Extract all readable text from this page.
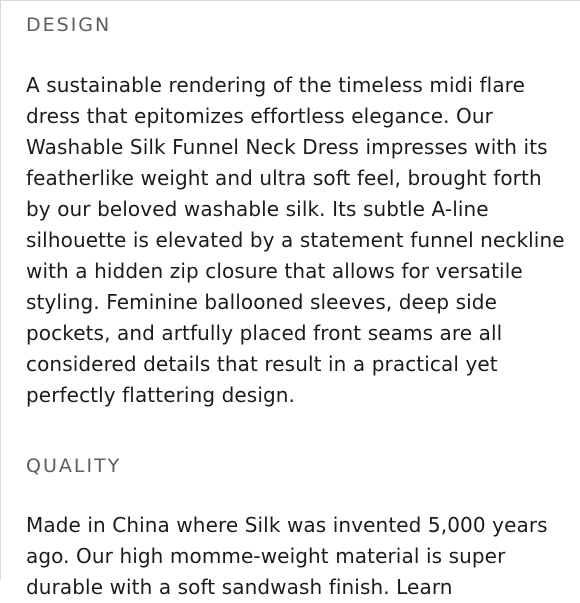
DESIGN

A sustainable rendering of the timeless midi flare dress that epitomizes effortless elegance. Our Washable Silk Funnel Neck Dress impresses with its featherlike weight and ultra soft feel, brought forth by our beloved washable silk. Its subtle A-line silhouette is elevated by a statement funnel neckline with a hidden zip closure that allows for versatile styling. Feminine ballooned sleeves, deep side pockets, and artfully placed front seams are all considered details that result in a practical yet perfectly flattering design.

QUALITY

Made in China where Silk was invented 5,000 years ago. Our high momme-weight material is super durable with a soft sandwash finish. Learn
